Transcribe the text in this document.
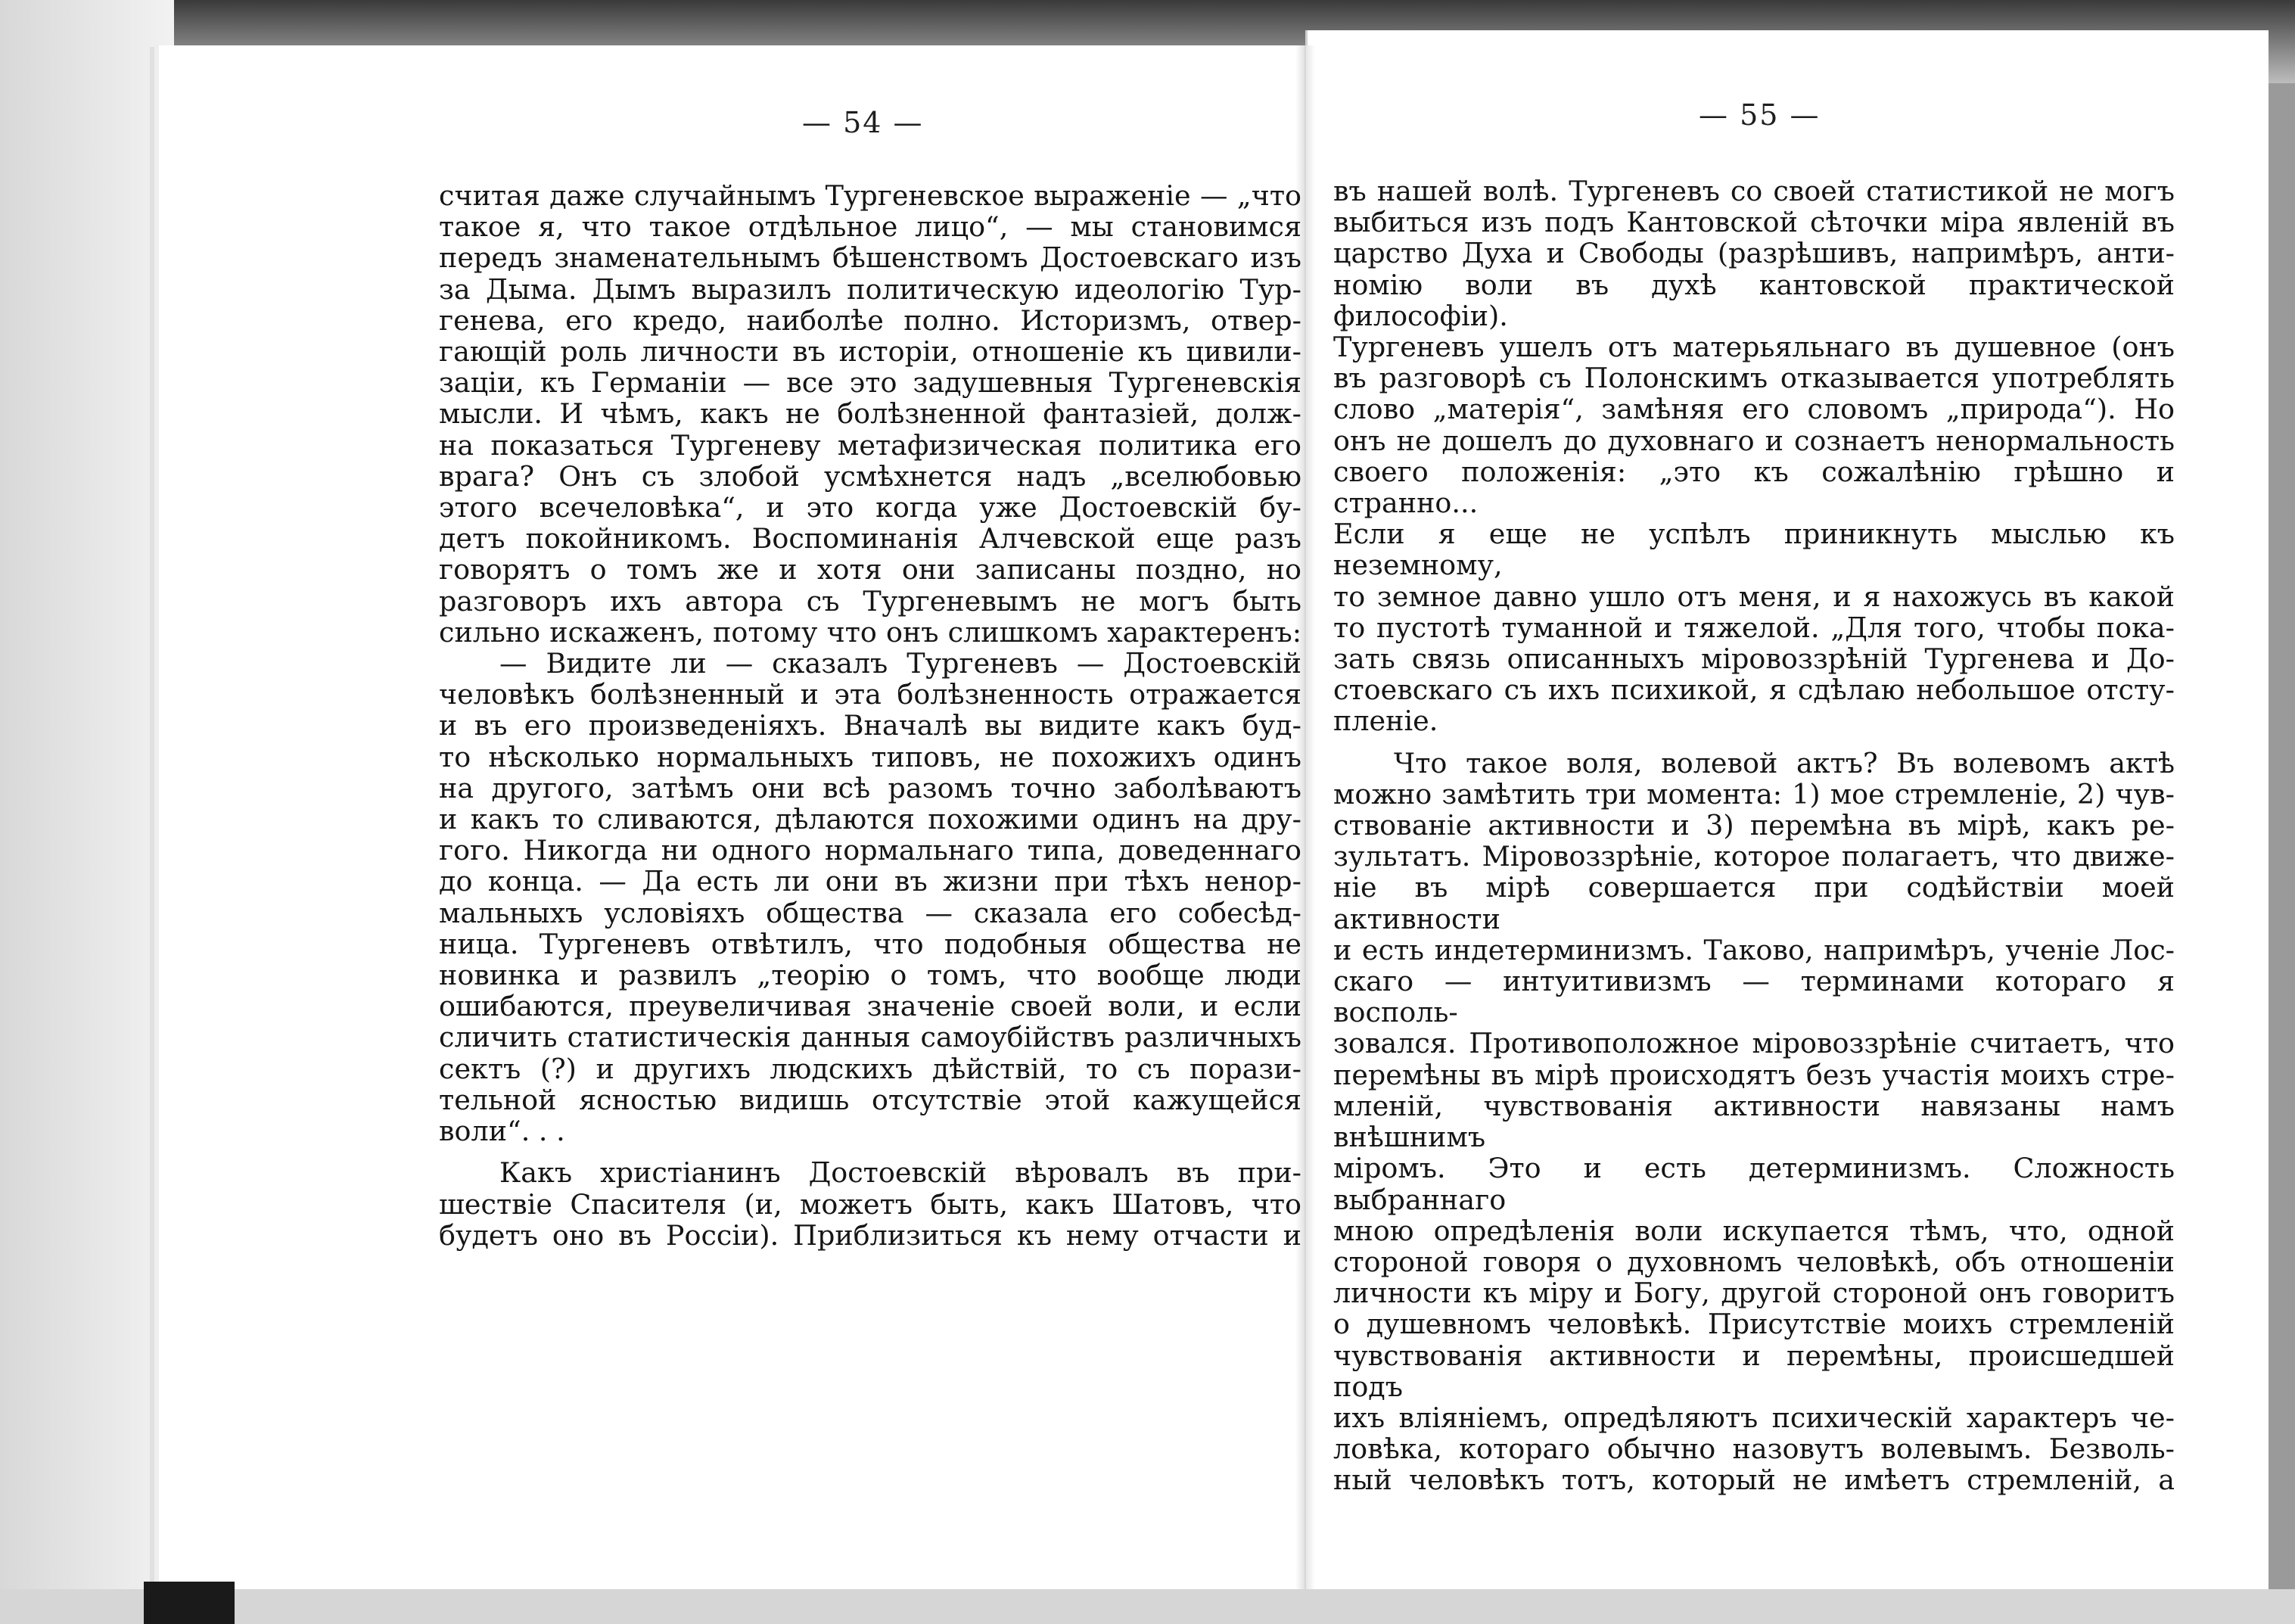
— 54 —	— 55 —
считая даже случайнымъ Тургеневское выраженіе — „что
такое я, что такое отдѣльное лицо“, — мы становимся
передъ знаменательнымъ бѣшенствомъ Достоевскаго изъ
за Дыма. Дымъ выразилъ политическую идеологію Тур-
генева, его кредо, наиболѣе полно. Историзмъ, отвер-
гающій роль личности въ исторіи, отношеніе къ цивили-
заціи, къ Германіи — все это задушевныя Тургеневскія
мысли. И чѣмъ, какъ не болѣзненной фантазіей, долж-
на показаться Тургеневу метафизическая политика его
врага? Онъ съ злобой усмѣхнется надъ „вселюбовью
этого всечеловѣка“, и это когда уже Достоевскій бу-
детъ покойникомъ. Воспоминанія Алчевской еще разъ
говорятъ о томъ же и хотя они записаны поздно, но
разговоръ ихъ автора съ Тургеневымъ не могъ быть
сильно искаженъ, потому что онъ слишкомъ характеренъ:
— Видите ли — сказалъ Тургеневъ — Достоевскій
человѣкъ болѣзненный и эта болѣзненность отражается
и въ его произведеніяхъ. Вначалѣ вы видите какъ буд-
то нѣсколько нормальныхъ типовъ, не похожихъ одинъ
на другого, затѣмъ они всѣ разомъ точно заболѣваютъ
и какъ то сливаются, дѣлаются похожими одинъ на дру-
гого. Никогда ни одного нормальнаго типа, доведеннаго
до конца. — Да есть ли они въ жизни при тѣхъ ненор-
мальныхъ условіяхъ общества — сказала его собесѣд-
ница. Тургеневъ отвѣтилъ, что подобныя общества не
новинка и развилъ „теорію о томъ, что вообще люди
ошибаются, преувеличивая значеніе своей воли, и если
сличить статистическія данныя самоубійствъ различныхъ
сектъ (?) и другихъ людскихъ дѣйствій, то съ порази-
тельной ясностью видишь отсутствіе этой кажущейся
воли“. . .
Какъ христіанинъ Достоевскій вѣровалъ въ при-
шествіе Спасителя (и, можетъ быть, какъ Шатовъ, что
будетъ оно въ Россіи). Приблизиться къ нему отчасти и
въ нашей волѣ. Тургеневъ со своей статистикой не могъ
выбиться изъ подъ Кантовской сѣточки міра явленій въ
царство Духа и Свободы (разрѣшивъ, напримѣръ, анти-
номію воли въ духѣ кантовской практической философіи).
Тургеневъ ушелъ отъ матерьяльнаго въ душевное (онъ
въ разговорѣ съ Полонскимъ отказывается употреблять
слово „матерія“, замѣняя его словомъ „природа“). Но
онъ не дошелъ до духовнаго и сознаетъ ненормальность
своего положенія: „это къ сожалѣнію грѣшно и странно...
Если я еще не успѣлъ приникнуть мыслью къ неземному,
то земное давно ушло отъ меня, и я нахожусь въ какой
то пустотѣ туманной и тяжелой. „Для того, чтобы пока-
зать связь описанныхъ міровоззрѣній Тургенева и До-
стоевскаго съ ихъ психикой, я сдѣлаю небольшое отсту-
пленіе.
Что такое воля, волевой актъ? Въ волевомъ актѣ
можно замѣтить три момента: 1) мое стремленіе, 2) чув-
ствованіе активности и 3) перемѣна въ мірѣ, какъ ре-
зультатъ. Міровоззрѣніе, которое полагаетъ, что движе-
ніе въ мірѣ совершается при содѣйствіи моей активности
и есть индетерминизмъ. Таково, напримѣръ, ученіе Лос-
скаго — интуитивизмъ — терминами котораго я восполь-
зовался. Противоположное міровоззрѣніе считаетъ, что
перемѣны въ мірѣ происходятъ безъ участія моихъ стре-
мленій, чувствованія активности навязаны намъ внѣшнимъ
міромъ. Это и есть детерминизмъ. Сложность выбраннаго
мною опредѣленія воли искупается тѣмъ, что, одной
стороной говоря о духовномъ человѣкѣ, объ отношеніи
личности къ міру и Богу, другой стороной онъ говоритъ
о душевномъ человѣкѣ. Присутствіе моихъ стремленій
чувствованія активности и перемѣны, происшедшей подъ
ихъ вліяніемъ, опредѣляютъ психическій характеръ че-
ловѣка, котораго обычно назовутъ волевымъ. Безволь-
ный человѣкъ тотъ, который не имѣетъ стремленій, а
